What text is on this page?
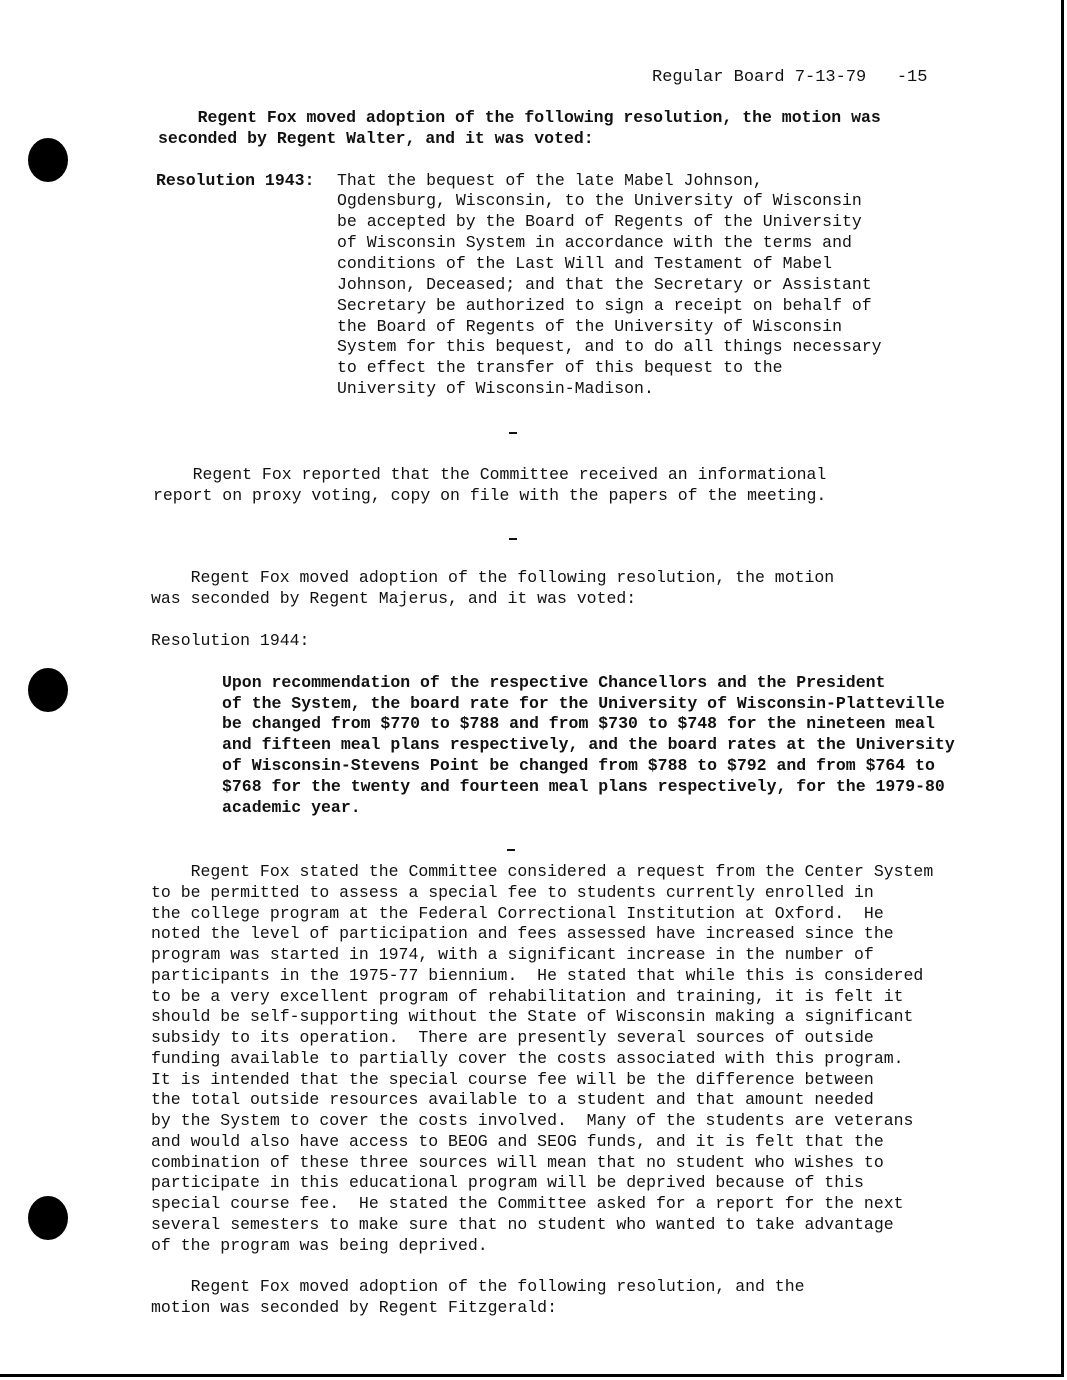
Regular Board 7-13-79   -15
Regent Fox moved adoption of the following resolution, the motion was
seconded by Regent Walter, and it was voted:
Resolution 1943: That the bequest of the late Mabel Johnson,
Ogdensburg, Wisconsin, to the University of Wisconsin
be accepted by the Board of Regents of the University
of Wisconsin System in accordance with the terms and
conditions of the Last Will and Testament of Mabel
Johnson, Deceased; and that the Secretary or Assistant
Secretary be authorized to sign a receipt on behalf of
the Board of Regents of the University of Wisconsin
System for this bequest, and to do all things necessary
to effect the transfer of this bequest to the
University of Wisconsin-Madison.
Regent Fox reported that the Committee received an informational
report on proxy voting, copy on file with the papers of the meeting.
Regent Fox moved adoption of the following resolution, the motion
was seconded by Regent Majerus, and it was voted:
Resolution 1944:
Upon recommendation of the respective Chancellors and the President
of the System, the board rate for the University of Wisconsin-Platteville
be changed from $770 to $788 and from $730 to $748 for the nineteen meal
and fifteen meal plans respectively, and the board rates at the University
of Wisconsin-Stevens Point be changed from $788 to $792 and from $764 to
$768 for the twenty and fourteen meal plans respectively, for the 1979-80
academic year.
Regent Fox stated the Committee considered a request from the Center System
to be permitted to assess a special fee to students currently enrolled in
the college program at the Federal Correctional Institution at Oxford.  He
noted the level of participation and fees assessed have increased since the
program was started in 1974, with a significant increase in the number of
participants in the 1975-77 biennium.  He stated that while this is considered
to be a very excellent program of rehabilitation and training, it is felt it
should be self-supporting without the State of Wisconsin making a significant
subsidy to its operation.  There are presently several sources of outside
funding available to partially cover the costs associated with this program.
It is intended that the special course fee will be the difference between
the total outside resources available to a student and that amount needed
by the System to cover the costs involved.  Many of the students are veterans
and would also have access to BEOG and SEOG funds, and it is felt that the
combination of these three sources will mean that no student who wishes to
participate in this educational program will be deprived because of this
special course fee.  He stated the Committee asked for a report for the next
several semesters to make sure that no student who wanted to take advantage
of the program was being deprived.
Regent Fox moved adoption of the following resolution, and the
motion was seconded by Regent Fitzgerald:
